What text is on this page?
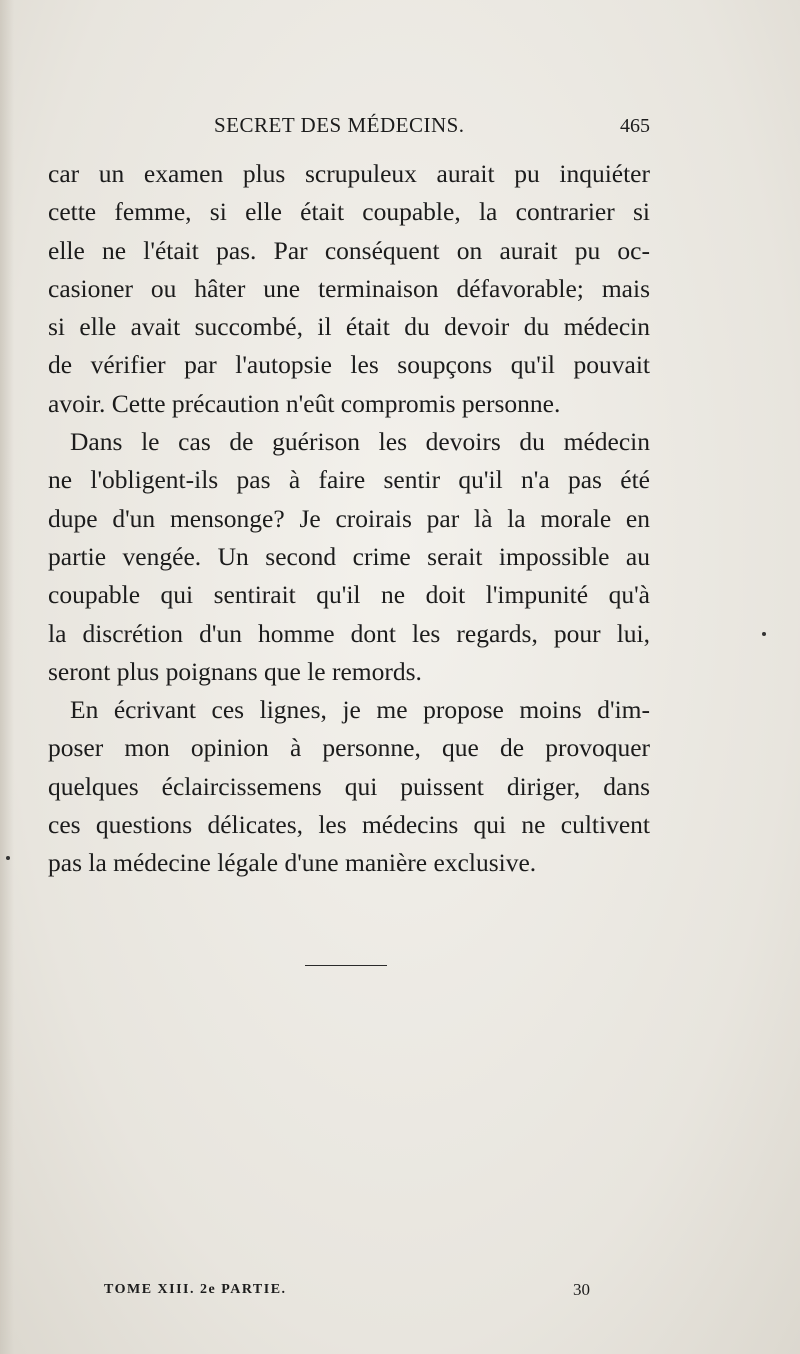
SECRET DES MÉDECINS.	465
car un examen plus scrupuleux aurait pu inquiéter
cette femme, si elle était coupable, la contrarier si
elle ne l'était pas. Par conséquent on aurait pu oc-
casioner ou hâter une terminaison défavorable; mais
si elle avait succombé, il était du devoir du médecin
de vérifier par l'autopsie les soupçons qu'il pouvait
avoir. Cette précaution n'eût compromis personne.
Dans le cas de guérison les devoirs du médecin
ne l'obligent-ils pas à faire sentir qu'il n'a pas été
dupe d'un mensonge? Je croirais par là la morale en
partie vengée. Un second crime serait impossible au
coupable qui sentirait qu'il ne doit l'impunité qu'à
la discrétion d'un homme dont les regards, pour lui,
seront plus poignans que le remords.
En écrivant ces lignes, je me propose moins d'im-
poser mon opinion à personne, que de provoquer
quelques éclaircissemens qui puissent diriger, dans
ces questions délicates, les médecins qui ne cultivent
pas la médecine légale d'une manière exclusive.
TOME XIII. 2e PARTIE.	30
